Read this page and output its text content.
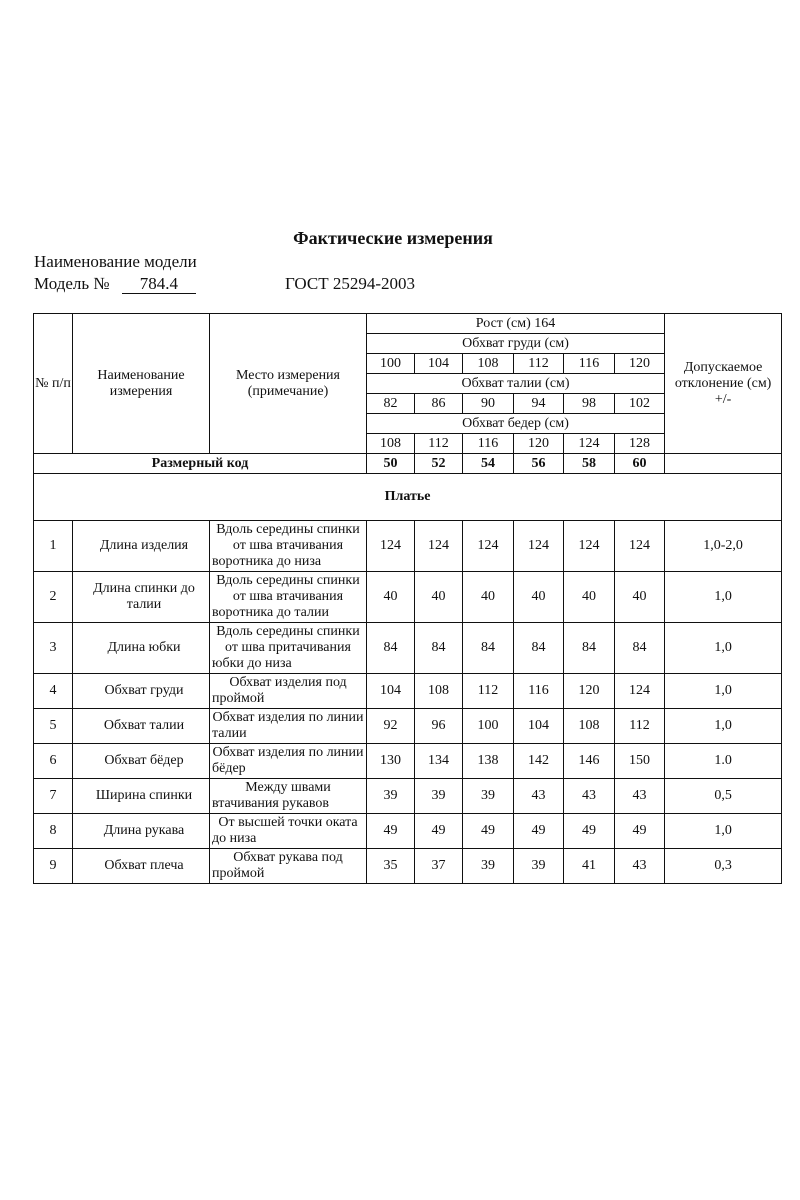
Фактические измерения
Наименование модели
Модель № 784.4	ГОСТ 25294-2003
№ п/п	Наименование измерения	Место измерения (примечание)	Рост (см) 164						Допускаемое отклонение (см) +/-
			Обхват груди (см)						
			100	104	108	112	116	120	
			Обхват талии (см)						
			82	86	90	94	98	102	
			Обхват бедер (см)						
			108	112	116	120	124	128	
Размерный код			50	52	54	56	58	60	
Платье									
1	Длина изделия	Вдоль середины спинки от шва втачивания воротника до низа	124	124	124	124	124	124	1,0-2,0
2	Длина спинки до талии	Вдоль середины спинки от шва втачивания воротника до талии	40	40	40	40	40	40	1,0
3	Длина юбки	Вдоль середины спинки от шва притачивания юбки до низа	84	84	84	84	84	84	1,0
4	Обхват груди	Обхват изделия под проймой	104	108	112	116	120	124	1,0
5	Обхват талии	Обхват изделия по линии талии	92	96	100	104	108	112	1,0
6	Обхват бёдер	Обхват изделия по линии бёдер	130	134	138	142	146	150	1.0
7	Ширина спинки	Между швами втачивания рукавов	39	39	39	43	43	43	0,5
8	Длина рукава	От высшей точки оката до низа	49	49	49	49	49	49	1,0
9	Обхват плеча	Обхват рукава под проймой	35	37	39	39	41	43	0,3
